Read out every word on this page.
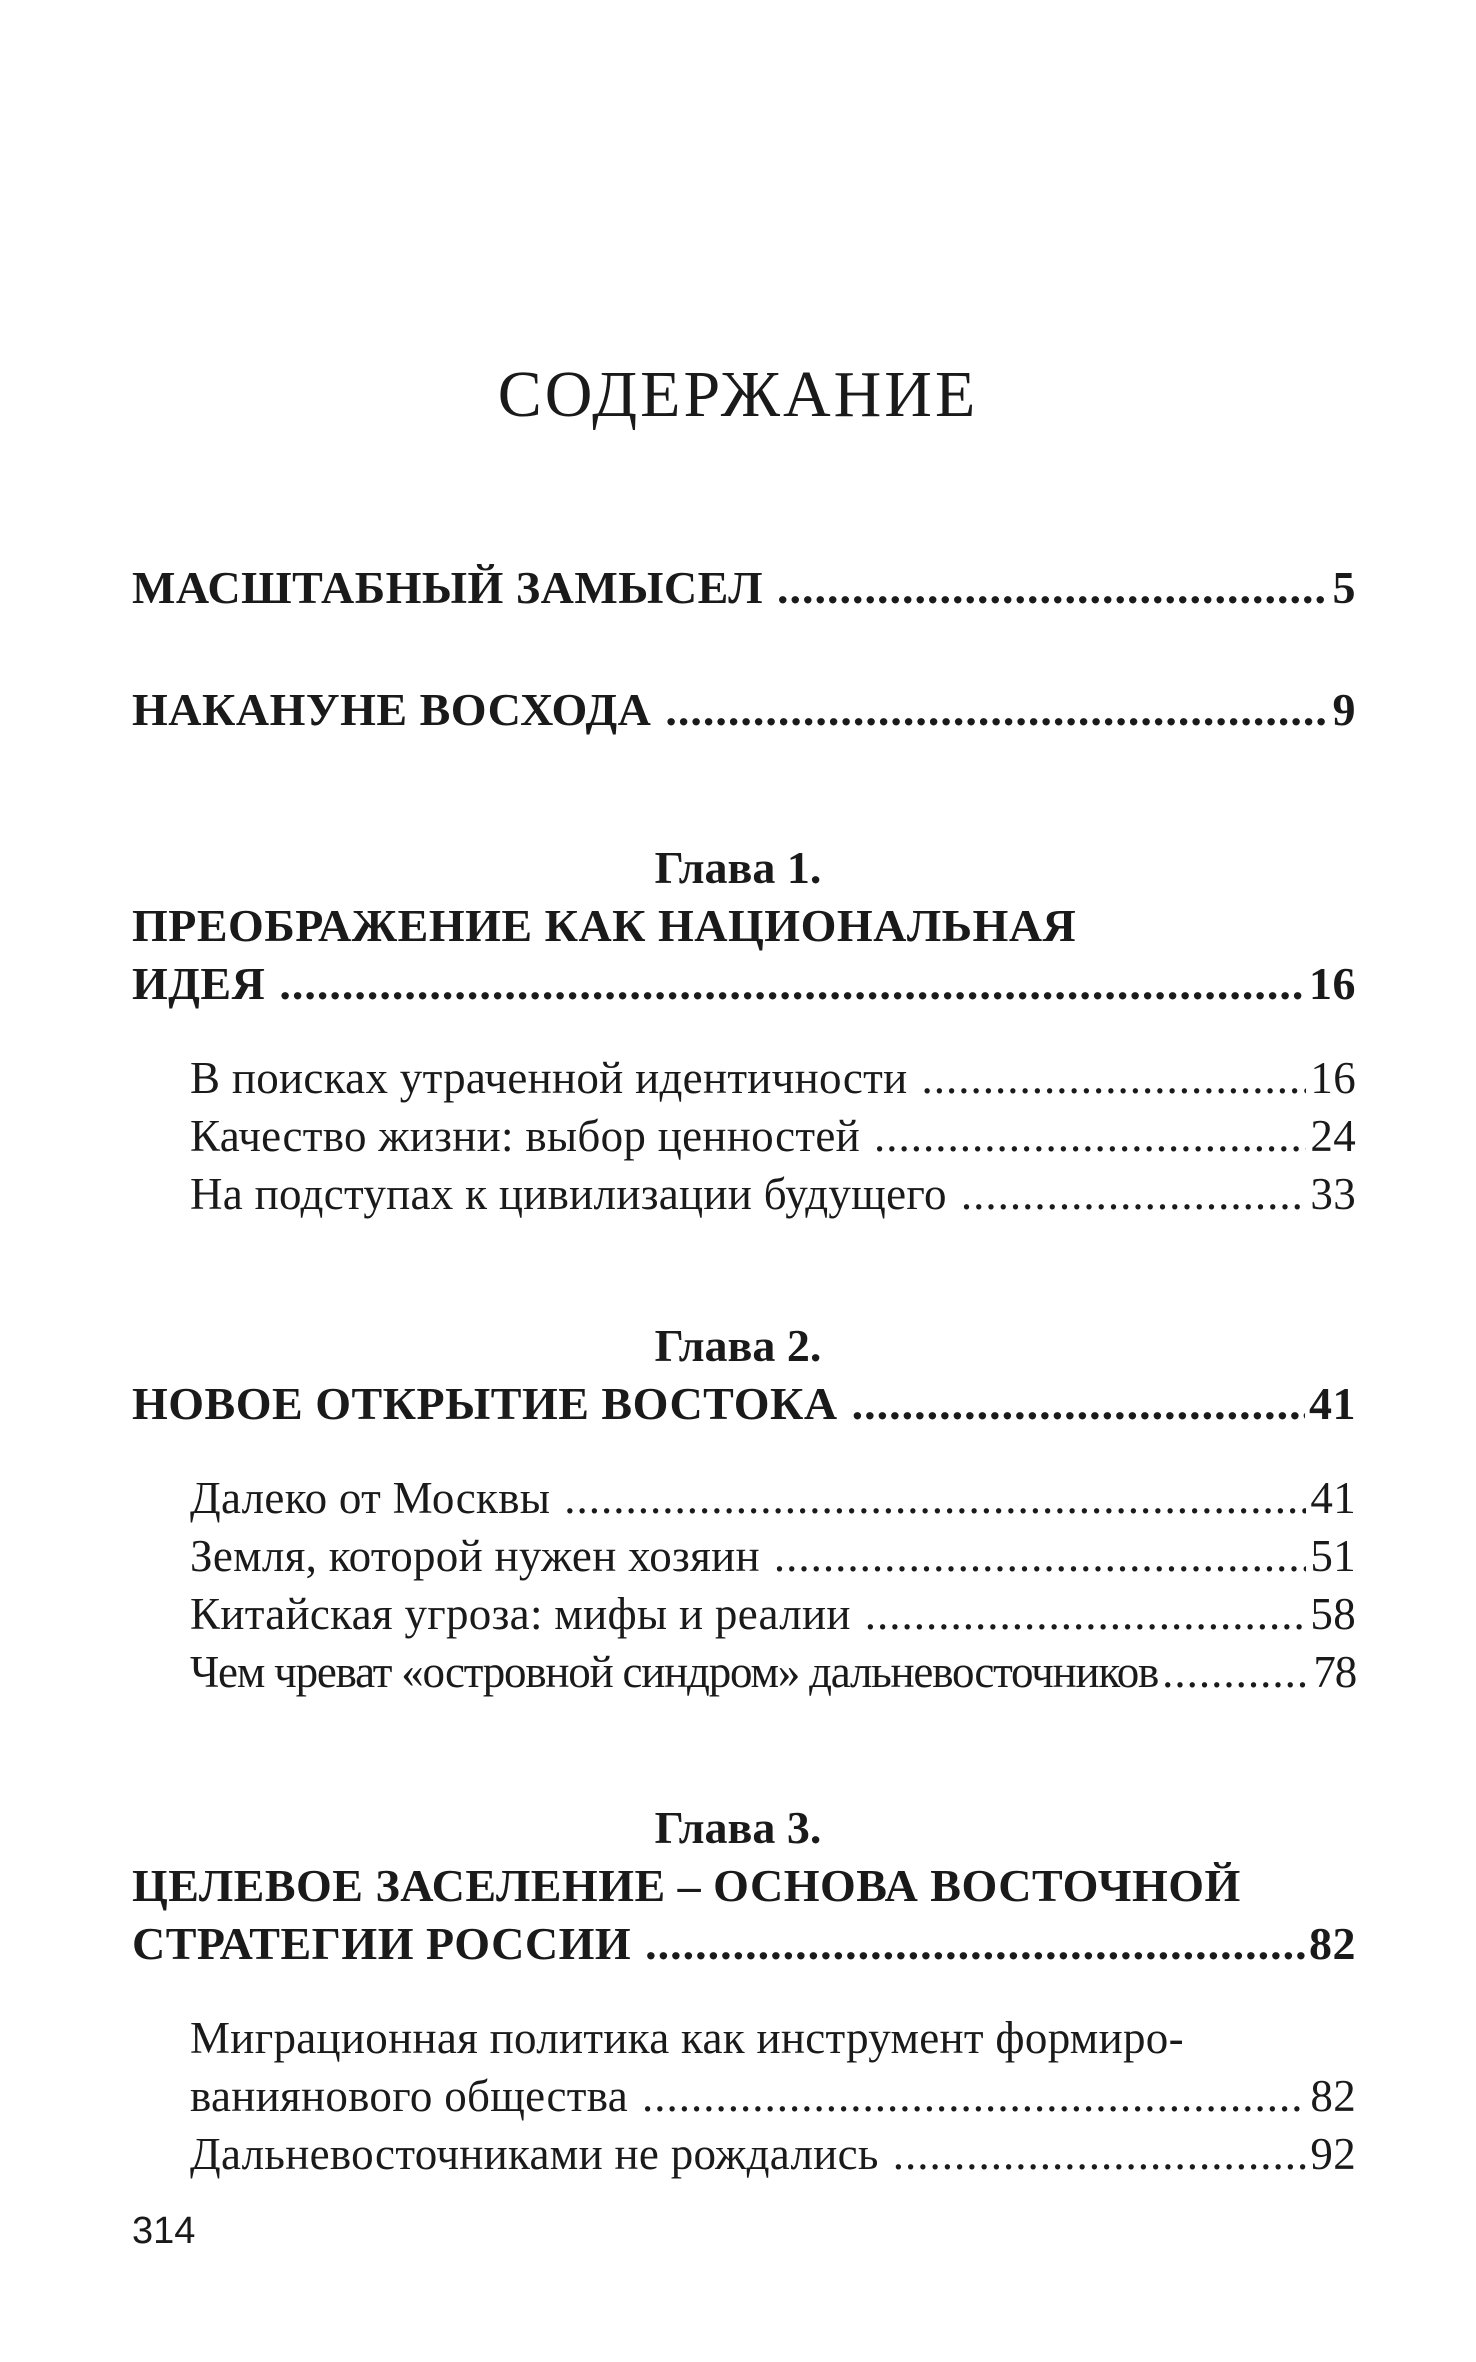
СОДЕРЖАНИЕ
МАСШТАБНЫЙ ЗАМЫСЕЛ .....	5
НАКАНУНЕ ВОСХОДА .....	9
Глава 1.
ПРЕОБРАЖЕНИЕ КАК НАЦИОНАЛЬНАЯ
ИДЕЯ .....	16
В поисках утраченной идентичности .....	16
Качество жизни: выбор ценностей .....	24
На подступах к цивилизации будущего .....	33
Глава 2.
НОВОЕ ОТКРЫТИЕ ВОСТОКА .....	41
Далеко от Москвы .....	41
Земля, которой нужен хозяин .....	51
Китайская угроза: мифы и реалии .....	58
Чем чреват «островной синдром» дальневосточников .....	78
Глава 3.
ЦЕЛЕВОЕ ЗАСЕЛЕНИЕ – ОСНОВА ВОСТОЧНОЙ
СТРАТЕГИИ РОССИИ .....	82
Миграционная политика как инструмент формиро-
ваниянового общества .....	82
Дальневосточниками не рождались .....	92
314
